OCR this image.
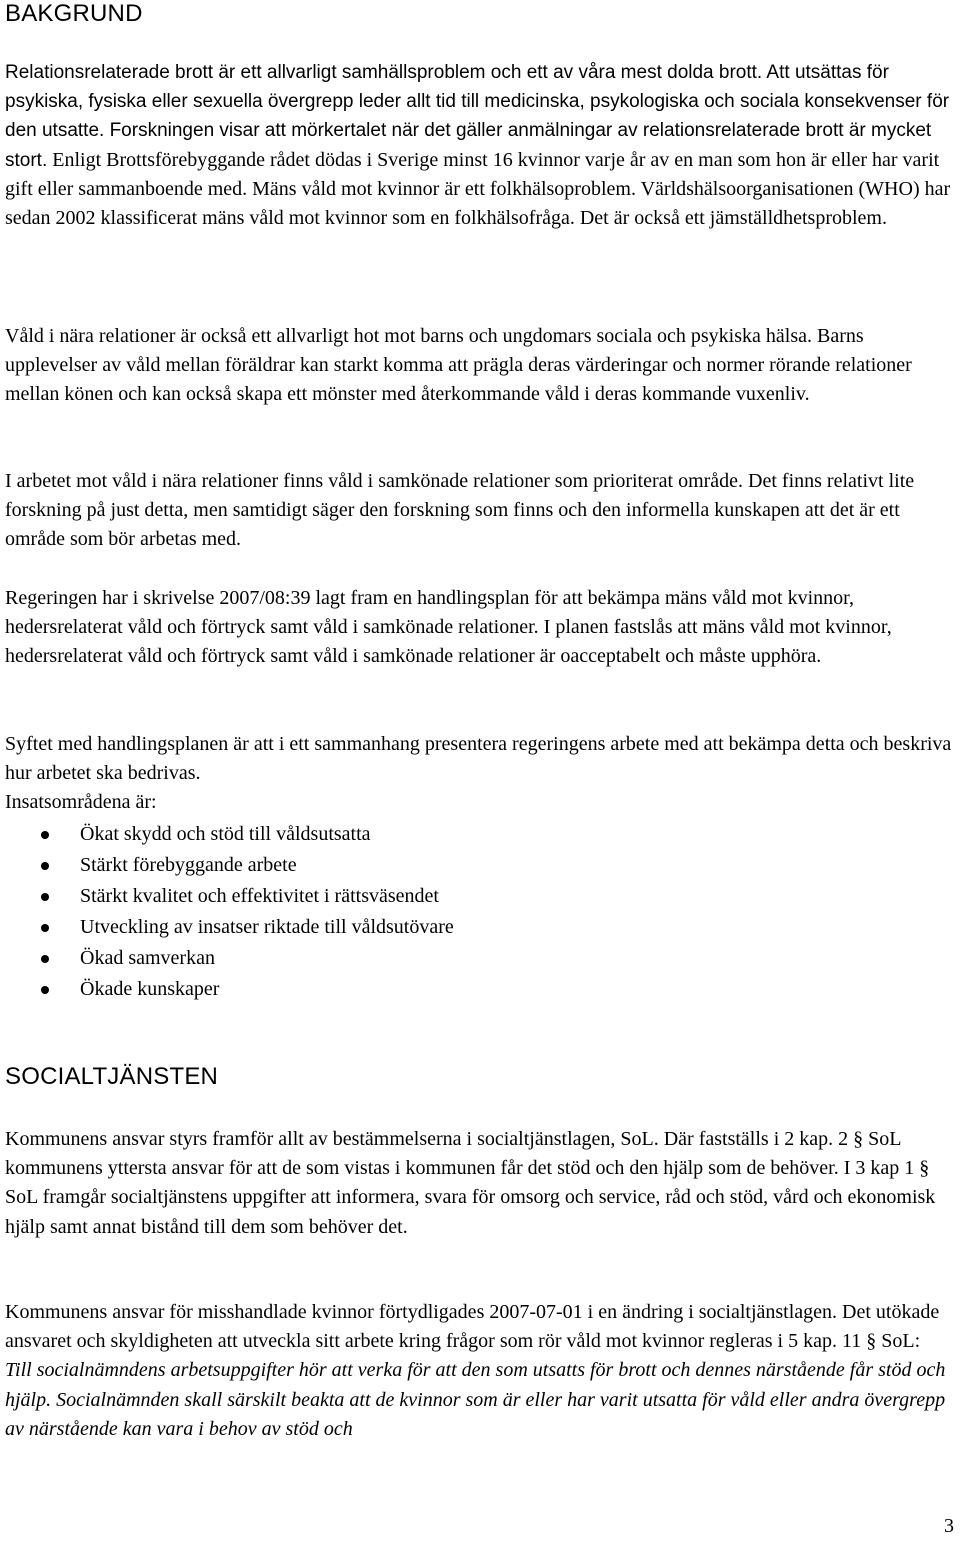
BAKGRUND

Relationsrelaterade brott är ett allvarligt samhällsproblem och ett av våra mest dolda brott. Att utsättas för psykiska, fysiska eller sexuella övergrepp leder allt tid till medicinska, psykologiska och sociala konsekvenser för den utsatte. Forskningen visar att mörkertalet när det gäller anmälningar av relationsrelaterade brott är mycket stort. Enligt Brottsförebyggande rådet dödas i Sverige minst 16 kvinnor varje år av en man som hon är eller har varit gift eller sammanboende med. Mäns våld mot kvinnor är ett folkhälsoproblem. Världshälsoorganisationen (WHO) har sedan 2002 klassificerat mäns våld mot kvinnor som en folkhälsofråga. Det är också ett jämställdhetsproblem.

Våld i nära relationer är också ett allvarligt hot mot barns och ungdomars sociala och psykiska hälsa. Barns upplevelser av våld mellan föräldrar kan starkt komma att prägla deras värderingar och normer rörande relationer mellan könen och kan också skapa ett mönster med återkommande våld i deras kommande vuxenliv.

I arbetet mot våld i nära relationer finns våld i samkönade relationer som prioriterat område. Det finns relativt lite forskning på just detta, men samtidigt säger den forskning som finns och den informella kunskapen att det är ett område som bör arbetas med.

Regeringen har i skrivelse 2007/08:39 lagt fram en handlingsplan för att bekämpa mäns våld mot kvinnor, hedersrelaterat våld och förtryck samt våld i samkönade relationer. I planen fastslås att mäns våld mot kvinnor, hedersrelaterat våld och förtryck samt våld i samkönade relationer är oacceptabelt och måste upphöra.

Syftet med handlingsplanen är att i ett sammanhang presentera regeringens arbete med att bekämpa detta och beskriva hur arbetet ska bedrivas.

Insatsområdena är:

Ökat skydd och stöd till våldsutsatta
Stärkt förebyggande arbete
Stärkt kvalitet och effektivitet i rättsväsendet
Utveckling av insatser riktade till våldsutövare
Ökad samverkan
Ökade kunskaper
SOCIALTJÄNSTEN

Kommunens ansvar styrs framför allt av bestämmelserna i socialtjänstlagen, SoL. Där fastställs i 2 kap. 2 § SoL kommunens yttersta ansvar för att de som vistas i kommunen får det stöd och den hjälp som de behöver. I 3 kap 1 § SoL framgår socialtjänstens uppgifter att informera, svara för omsorg och service, råd och stöd, vård och ekonomisk hjälp samt annat bistånd till dem som behöver det.

Kommunens ansvar för misshandlade kvinnor förtydligades 2007-07-01 i en ändring i socialtjänstlagen. Det utökade ansvaret och skyldigheten att utveckla sitt arbete kring frågor som rör våld mot kvinnor regleras i 5 kap. 11 § SoL:

Till socialnämndens arbetsuppgifter hör att verka för att den som utsatts för brott och dennes närstående får stöd och hjälp. Socialnämnden skall särskilt beakta att de kvinnor som är eller har varit utsatta för våld eller andra övergrepp av närstående kan vara i behov av stöd och

3
